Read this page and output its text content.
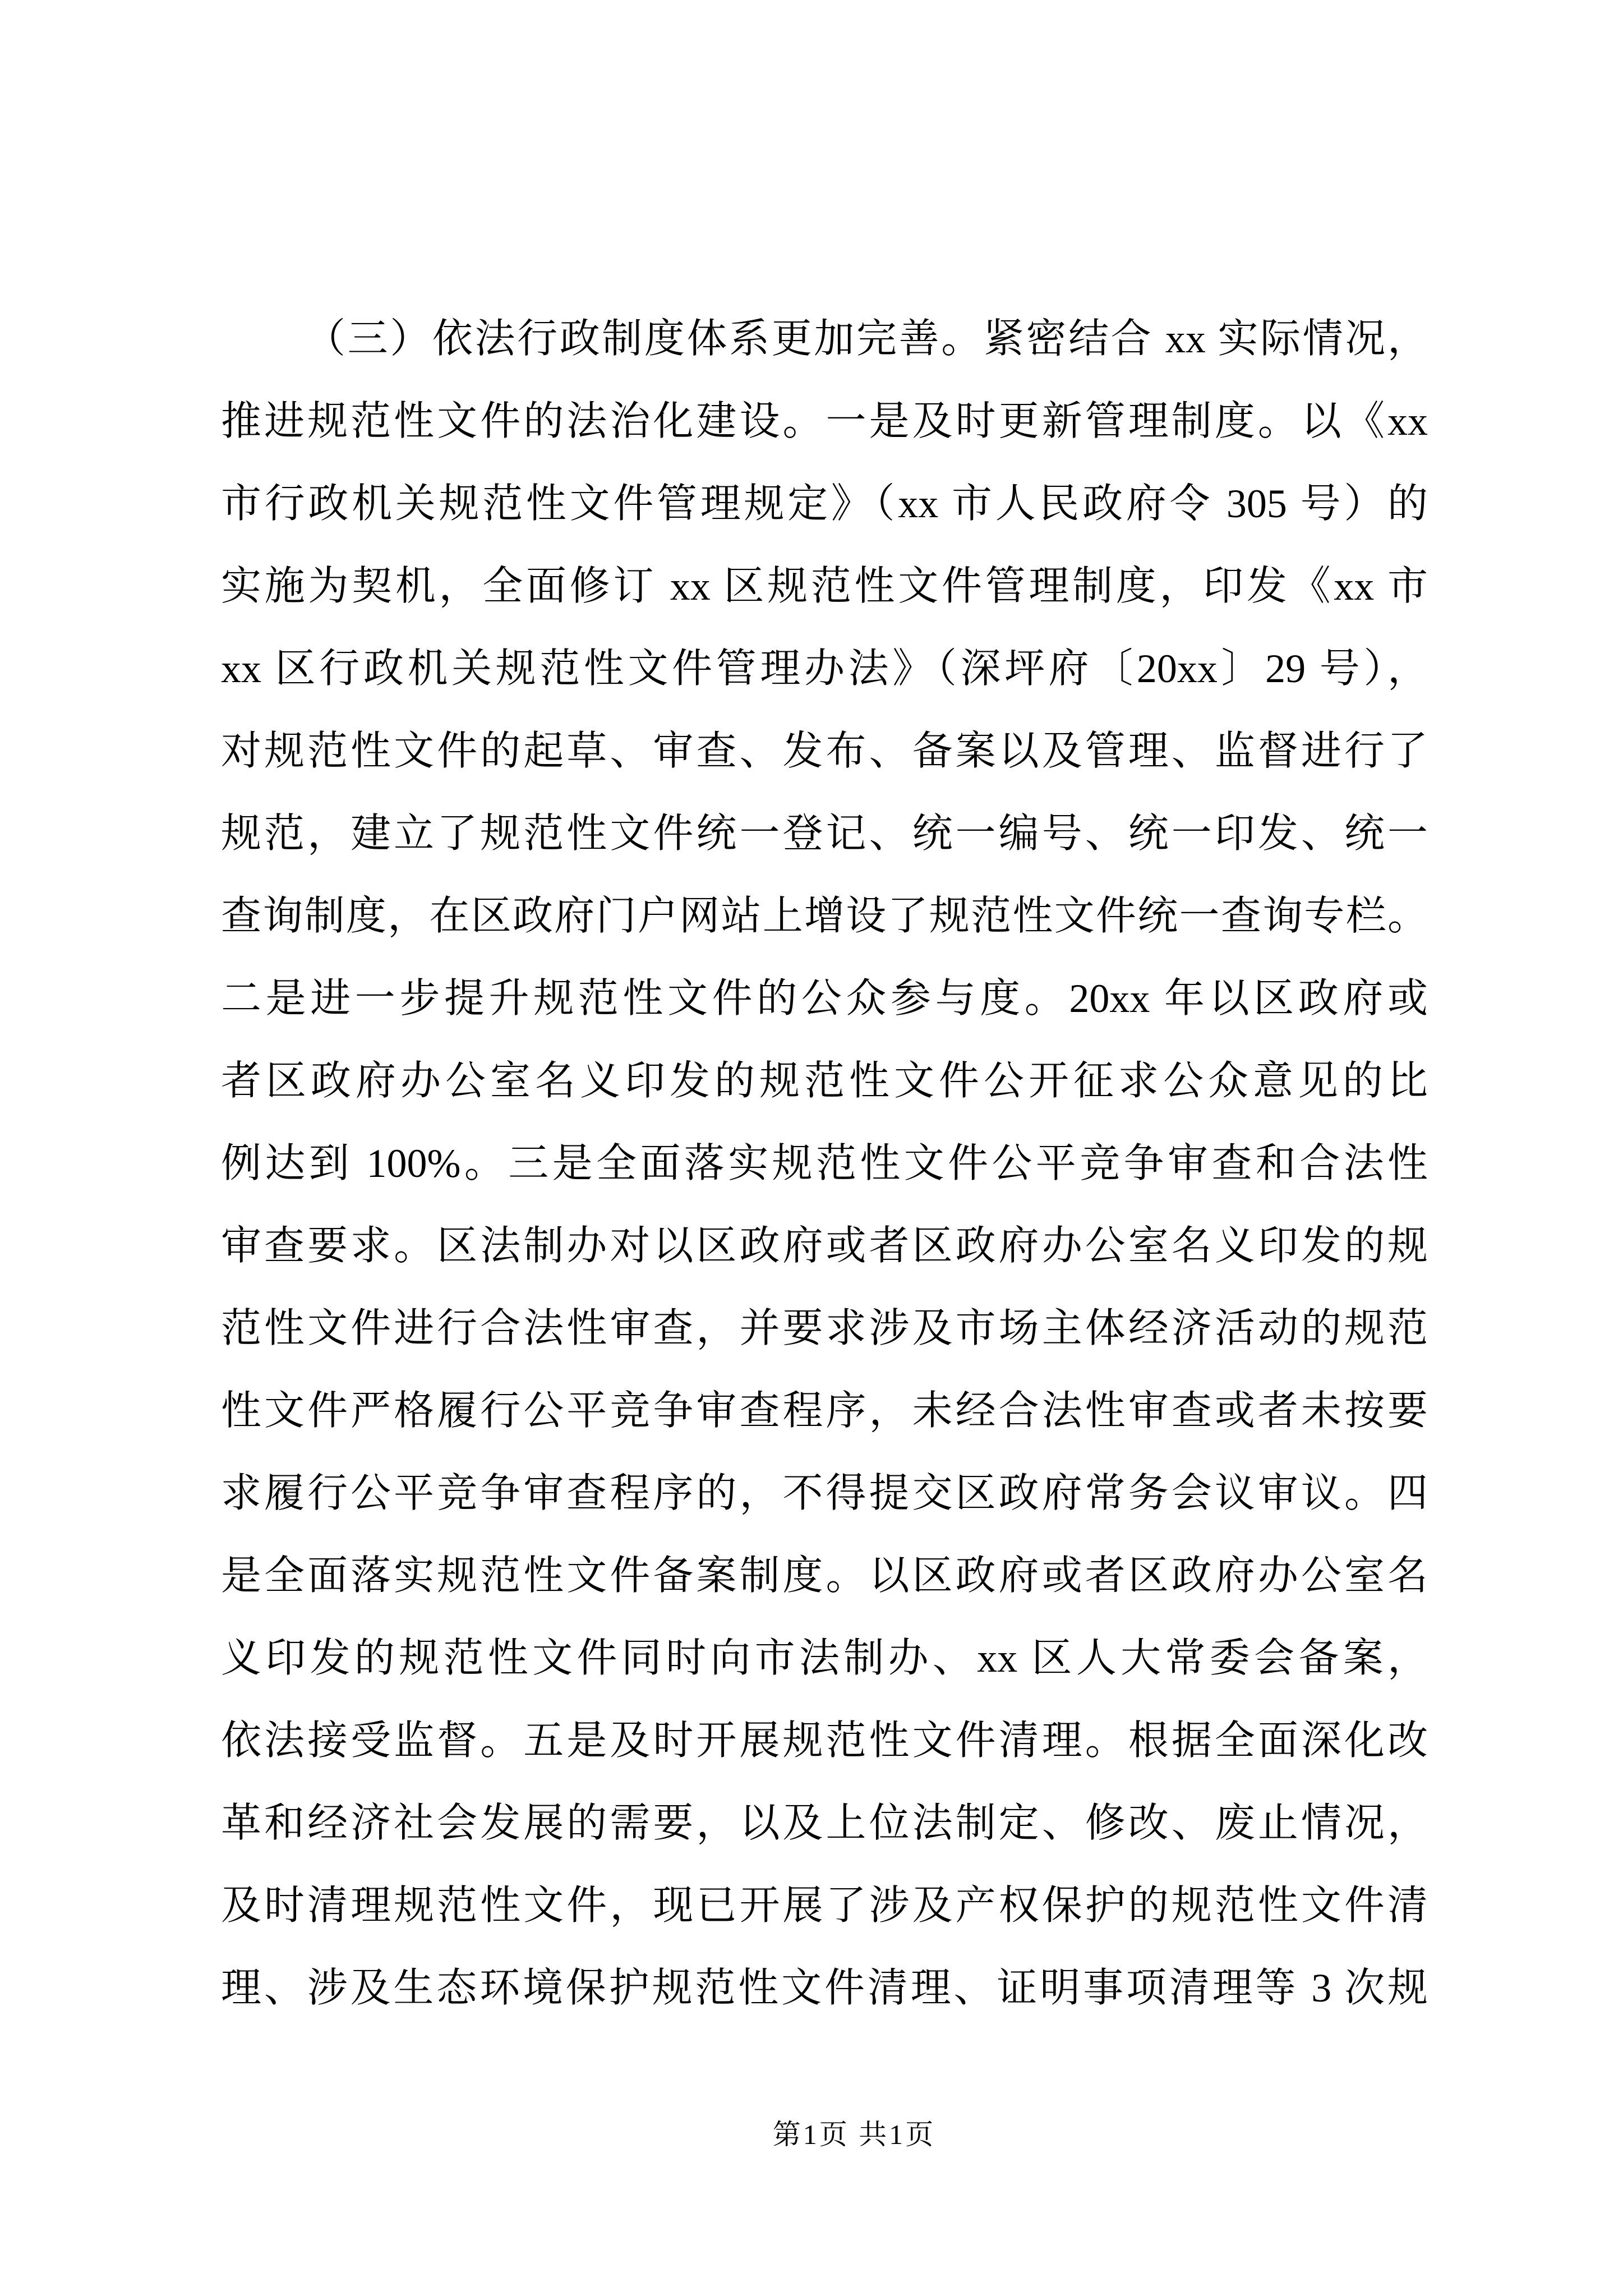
（三）依法行政制度体系更加完善。紧密结合 xx 实际情况，
推进规范性文件的法治化建设。一是及时更新管理制度。以《xx
市行政机关规范性文件管理规定》（xx 市人民政府令 305 号）的
实施为契机，全面修订 xx 区规范性文件管理制度，印发《xx 市
xx 区行政机关规范性文件管理办法》（深坪府〔20xx〕29 号），
对规范性文件的起草、审查、发布、备案以及管理、监督进行了
规范，建立了规范性文件统一登记、统一编号、统一印发、统一
查询制度，在区政府门户网站上增设了规范性文件统一查询专栏。
二是进一步提升规范性文件的公众参与度。20xx 年以区政府或
者区政府办公室名义印发的规范性文件公开征求公众意见的比
例达到 100%。三是全面落实规范性文件公平竞争审查和合法性
审查要求。区法制办对以区政府或者区政府办公室名义印发的规
范性文件进行合法性审查，并要求涉及市场主体经济活动的规范
性文件严格履行公平竞争审查程序，未经合法性审查或者未按要
求履行公平竞争审查程序的，不得提交区政府常务会议审议。四
是全面落实规范性文件备案制度。以区政府或者区政府办公室名
义印发的规范性文件同时向市法制办、xx 区人大常委会备案，
依法接受监督。五是及时开展规范性文件清理。根据全面深化改
革和经济社会发展的需要，以及上位法制定、修改、废止情况，
及时清理规范性文件，现已开展了涉及产权保护的规范性文件清
理、涉及生态环境保护规范性文件清理、证明事项清理等 3 次规
第1页 共1页
